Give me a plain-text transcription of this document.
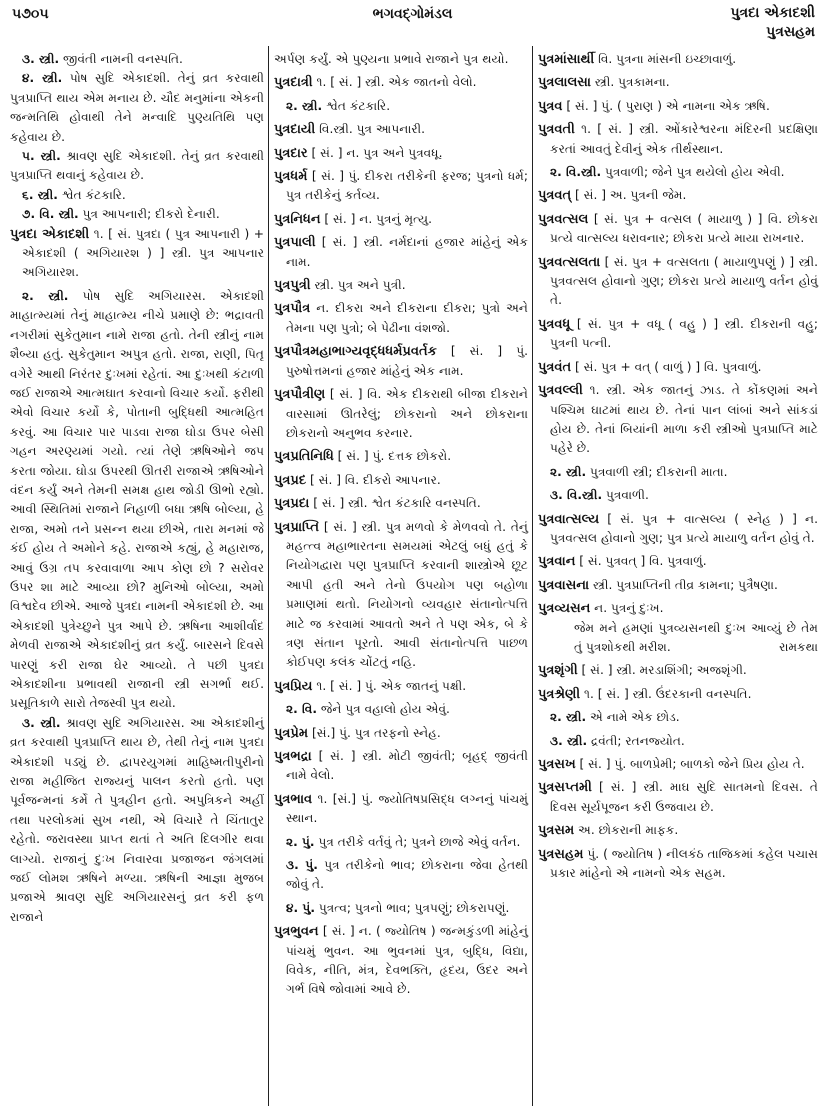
૫૭૦૫	ભગવદ્ગોમંડલ	પુત્રદા એકાદશી
પુત્રસહમ
૩. સ્ત્રી. જીવંતી નામની વનસ્પતિ.
૪. સ્ત્રી. પોષ સુદિ એકાદશી. તેનું વ્રત કરવાથી પુત્રપ્રાપ્તિ થાય એમ મનાય છે. ચૌદ મનુમાંના એકની જન્મતિથિ હોવાથી તેને મન્વાદિ પુણ્યતિથિ પણ કહેવાય છે.
૫. સ્ત્રી. શ્રાવણ સુદિ એકાદશી. તેનું વ્રત કરવાથી પુત્રપ્રાપ્તિ થવાનું કહેવાય છે.
૬. સ્ત્રી. શ્વેત કંટકારિ.
૭. વિ. સ્ત્રી. પુત્ર આપનારી; દીકરો દેનારી.
પુત્રદા એકાદશી ૧. [ સં. પુત્રદા ( પુત્ર આપનારી ) + એકાદશી ( અગિયારશ ) ] સ્ત્રી. પુત્ર આપનાર અગિયારશ.
૨. સ્ત્રી. પોષ સુદિ અગિયારસ. એકાદશી માહાત્મ્યમાં તેનું માહાત્મ્ય નીચે પ્રમાણે છે: ભદ્રાવતી નગરીમાં સુકેતુમાન નામે રાજા હતો. તેની સ્ત્રીનું નામ શૈબ્યા હતું. સુકેતુમાન અપુત્ર હતો. રાજા, રાણી, પિતૃ વગેરે આથી નિરંતર દુઃખમાં રહેતાં. આ દુઃખથી કંટાળી જઈ રાજાએ આત્મઘાત કરવાનો વિચાર કર્યો. ફરીથી એવો વિચાર કર્યો કે, પોતાની બુદ્ધિથી આત્મહિત કરવું. આ વિચાર પાર પાડવા રાજા ઘોડા ઉપર બેસી ગહન અરણ્યમાં ગયો. ત્યાં તેણે ઋષિઓને જપ કરતા જોયા. ઘોડા ઉપરથી ઊતરી રાજાએ ઋષિઓને વંદન કર્યું અને તેમની સમક્ષ હાથ જોડી ઊભો રહ્યો. આવી સ્થિતિમાં રાજાને નિહાળી બધા ઋષિ બોલ્યા, હે રાજા, અમો તને પ્રસન્ન થયા છીએ, તારા મનમાં જે કંઈ હોય તે અમોને કહે. રાજાએ કહ્યું, હે મહારાજ, આવું ઉગ્ર તપ કરવાવાળા આપ કોણ છો ? સરોવર ઉપર શા માટે આવ્યા છો? મુનિઓ બોલ્યા, અમો વિશ્વદેવ છીએ. આજે પુત્રદા નામની એકાદશી છે. આ એકાદશી પુત્રેચ્છુને પુત્ર આપે છે. ઋષિના આશીર્વાદ મેળવી રાજાએ એકાદશીનું વ્રત કર્યું. બારસને દિવસે પારણું કરી રાજા ઘેર આવ્યો. તે પછી પુત્રદા એકાદશીના પ્રભાવથી રાજાની સ્ત્રી સગર્ભા થઈ. પ્રસૂતિકાળે સારો તેજસ્વી પુત્ર થયો.
૩. સ્ત્રી. શ્રાવણ સુદિ અગિયારસ. આ એકાદશીનું વ્રત કરવાથી પુત્રપ્રાપ્તિ થાય છે, તેથી તેનું નામ પુત્રદા એકાદશી પડ્યું છે. દ્વાપરયુગમાં માહિષ્મતીપુરીનો રાજા મહીજિત રાજ્યનું પાલન કરતો હતો. પણ પૂર્વજન્મનાં કર્મે તે પુત્રહીન હતો. અપુત્રિકને અહીં તથા પરલોકમાં સુખ નથી, એ વિચારે તે ચિંતાતુર રહેતો. જરાવસ્થા પ્રાપ્ત થતાં તે અતિ દિલગીર થવા લાગ્યો. રાજાનું દુઃખ નિવારવા પ્રજાજન જંગલમાં જઈ લોમશ ઋષિને મળ્યા. ઋષિની આજ્ઞા મુજબ પ્રજાએ શ્રાવણ સુદિ અગિયારસનું વ્રત કરી ફળ રાજાને
અર્પણ કર્યું. એ પુણ્યના પ્રભાવે રાજાને પુત્ર થયો.
પુત્રદાત્રી ૧. [ સં. ] સ્ત્રી. એક જાતનો વેલો.
૨. સ્ત્રી. શ્વેત કંટકારિ.
પુત્રદાયી વિ.સ્ત્રી. પુત્ર આપનારી.
પુત્રદાર [ સં. ] ન. પુત્ર અને પુત્રવધૂ.
પુત્રધર્મ [ સં. ] પું. દીકરા તરીકેની ફરજ; પુત્રનો ધર્મ; પુત્ર તરીકેનું કર્તવ્ય.
પુત્રનિધન [ સં. ] ન. પુત્રનું મૃત્યુ.
પુત્રપાલી [ સં. ] સ્ત્રી. નર્મદાનાં હજાર માંહેનું એક નામ.
પુત્રપુત્રી સ્ત્રી. પુત્ર અને પુત્રી.
પુત્રપૌત્ર ન. દીકરા અને દીકરાના દીકરા; પુત્રો અને તેમના પણ પુત્રો; બે પેઢીના વંશજો.
પુત્રપૌત્રમહાભાગ્યવૃદ્ધધર્મપ્રવર્તક [ સં. ] પું. પુરુષોત્તમનાં હજાર માંહેનું એક નામ.
પુત્રપૌત્રીણ [ સં. ] વિ. એક દીકરાથી બીજા દીકરાને વારસામાં ઊતરેલું; છોકરાનો અને છોકરાના છોકરાનો અનુભવ કરનાર.
પુત્રપ્રતિનિધિ [ સં. ] પું. દત્તક છોકરો.
પુત્રપ્રદ [ સં. ] વિ. દીકરો આપનાર.
પુત્રપ્રદા [ સં. ] સ્ત્રી. શ્વેત કંટકારિ વનસ્પતિ.
પુત્રપ્રાપ્તિ [ સં. ] સ્ત્રી. પુત્ર મળવો કે મેળવવો તે. તેનું મહત્ત્વ મહાભારતના સમયમાં એટલું બધું હતું કે નિયોગદ્વારા પણ પુત્રપ્રાપ્તિ કરવાની શાસ્ત્રોએ છૂટ આપી હતી અને તેનો ઉપયોગ પણ બહોળા પ્રમાણમાં થતો. નિયોગનો વ્યવહાર સંતાનોત્પત્તિ માટે જ કરવામાં આવતો અને તે પણ એક, બે કે ત્રણ સંતાન પૂરતો. આવી સંતાનોત્પત્તિ પાછળ કોઈપણ કલંક ચોંટતું નહિ.
પુત્રપ્રિય ૧. [ સં. ] પું. એક જાતનું પક્ષી.
૨. વિ. જેને પુત્ર વહાલો હોય એવું.
પુત્રપ્રેમ [સં.] પું. પુત્ર તરફનો સ્નેહ.
પુત્રભદ્રા [ સં. ] સ્ત્રી. મોટી જીવંતી; બૃહદ્ જીવંતી નામે વેલો.
પુત્રભાવ ૧. [સં.] પું. જ્યોતિષપ્રસિદ્ધ લગ્નનું પાંચમું સ્થાન.
૨. પું. પુત્ર તરીકે વર્તવું તે; પુત્રને છાજે એવું વર્તન.
૩. પું. પુત્ર તરીકેનો ભાવ; છોકરાના જેવા હેતથી જોવું તે.
૪. પું. પુત્રત્વ; પુત્રનો ભાવ; પુત્રપણું; છોકરાપણું.
પુત્રભુવન [ સં. ] ન. ( જ્યોતિષ ) જન્મકુંડળી માંહેનું પાંચમું ભુવન. આ ભુવનમાં પુત્ર, બુદ્ધિ, વિદ્યા, વિવેક, નીતિ, મંત્ર, દેવભક્તિ, હૃદય, ઉદર અને ગર્ભ વિષે જોવામાં આવે છે.
પુત્રમાંસાર્થી વિ. પુત્રના માંસની ઇચ્છાવાળું.
પુત્રલાલસા સ્ત્રી. પુત્રકામના.
પુત્રવ [ સં. ] પું. ( પુરાણ ) એ નામના એક ઋષિ.
પુત્રવતી ૧. [ સં. ] સ્ત્રી. ઓંકારેશ્વરના મંદિરની પ્રદક્ષિણા કરતાં આવતું દેવીનું એક તીર્થસ્થાન.
૨. વિ.સ્ત્રી. પુત્રવાળી; જેને પુત્ર થયેલો હોય એવી.
પુત્રવત્ [ સં. ] અ. પુત્રની જેમ.
પુત્રવત્સલ [ સં. પુત્ર + વત્સલ ( માયાળુ ) ] વિ. છોકરા પ્રત્યે વાત્સલ્ય ધરાવનાર; છોકરા પ્રત્યે માયા રાખનાર.
પુત્રવત્સલતા [ સં. પુત્ર + વત્સલતા ( માયાળુપણું ) ] સ્ત્રી. પુત્રવત્સલ હોવાનો ગુણ; છોકરા પ્રત્યે માયાળુ વર્તન હોવું તે.
પુત્રવધૂ [ સં. પુત્ર + વધૂ ( વહુ ) ] સ્ત્રી. દીકરાની વહુ; પુત્રની પત્ની.
પુત્રવંત [ સં. પુત્ર + વત્ ( વાળું ) ] વિ. પુત્રવાળું.
પુત્રવલ્લી ૧. સ્ત્રી. એક જાતનું ઝાડ. તે કોંકણમાં અને પશ્ચિમ ઘાટમાં થાય છે. તેનાં પાન લાંબાં અને સાંકડાં હોય છે. તેનાં બિયાંની માળા કરી સ્ત્રીઓ પુત્રપ્રાપ્તિ માટે પહેરે છે.
૨. સ્ત્રી. પુત્રવાળી સ્ત્રી; દીકરાની માતા.
૩. વિ.સ્ત્રી. પુત્રવાળી.
પુત્રવાત્સલ્ય [ સં. પુત્ર + વાત્સલ્ય ( સ્નેહ ) ] ન. પુત્રવત્સલ હોવાનો ગુણ; પુત્ર પ્રત્યે માયાળુ વર્તન હોવું તે.
પુત્રવાન [ સં. પુત્રવત્ ] વિ. પુત્રવાળું.
પુત્રવાસના સ્ત્રી. પુત્રપ્રાપ્તિની તીવ્ર કામના; પુત્રૈષણા.
પુત્રવ્યસન ન. પુત્રનું દુઃખ.
જેમ મને હમણાં પુત્રવ્યસનથી દુઃખ આવ્યું છે તેમ તું પુત્રશોકથી મરીશ.	રામકથા
પુત્રશૃંગી [ સં. ] સ્ત્રી. મરડાશિંગી; અજશૃંગી.
પુત્રશ્રેણી ૧. [ સં. ] સ્ત્રી. ઉંદરકાની વનસ્પતિ.
૨. સ્ત્રી. એ નામે એક છોડ.
૩. સ્ત્રી. દ્રવંતી; રતનજ્યોત.
પુત્રસખ [ સં. ] પું. બાળપ્રેમી; બાળકો જેને પ્રિય હોય તે.
પુત્રસપ્તમી [ સં. ] સ્ત્રી. માઘ સુદિ સાતમનો દિવસ. તે દિવસ સૂર્યપૂજન કરી ઉજવાય છે.
પુત્રસમ અ. છોકરાની માફક.
પુત્રસહમ પું. ( જ્યોતિષ ) નીલકંઠ તાજિકમાં કહેલ પચાસ પ્રકાર માંહેનો એ નામનો એક સહમ.
